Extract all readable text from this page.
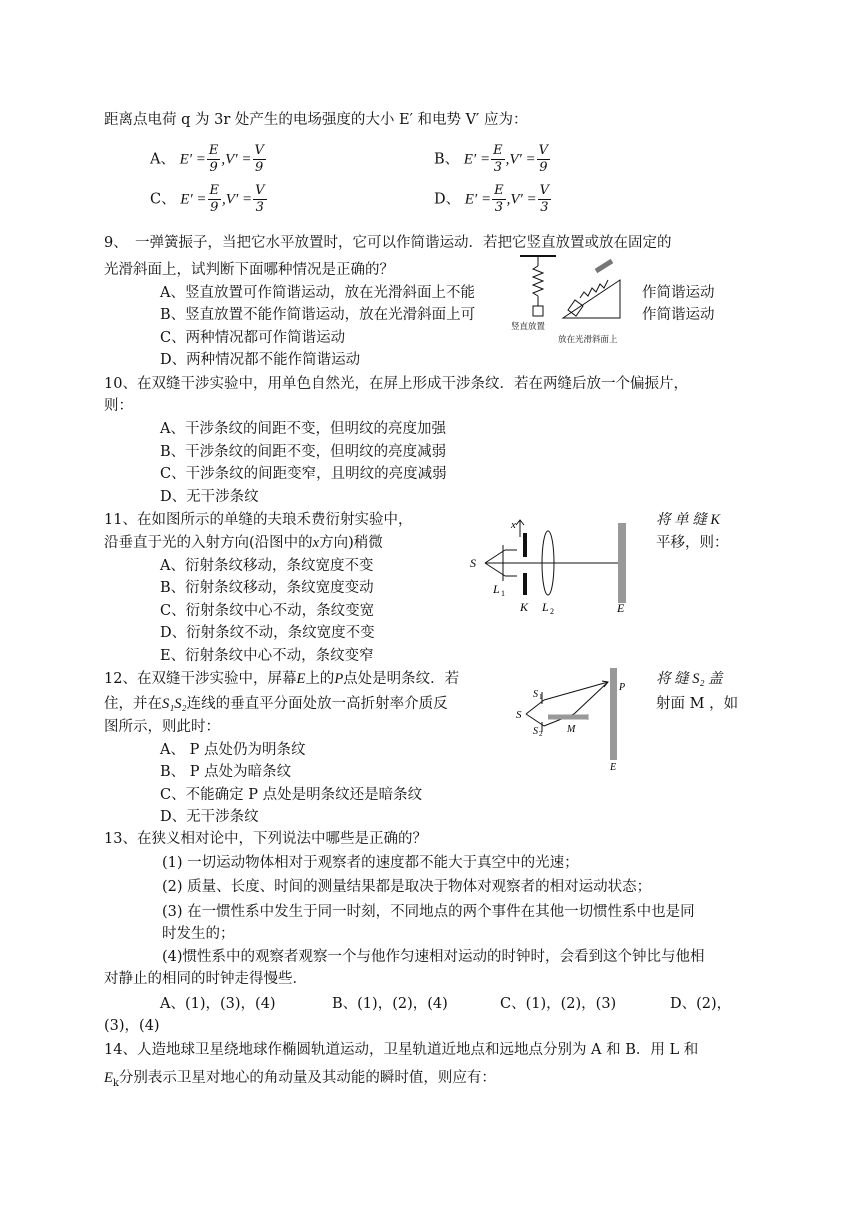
距离点电荷 q 为 3r 处产生的电场强度的大小 E′ 和电势 V′ 应为：
A、 $E' = \frac{E}{9} ,V' = \frac{V}{9}$	B、 $E' = \frac{E}{3} ,V' = \frac{V}{9}$
C、 $E' = \frac{E}{9} ,V' = \frac{V}{3}$	D、 $E' = \frac{E}{3} ,V' = \frac{V}{3}$
9、　一弹簧振子，当把它水平放置时，它可以作简谐运动．若把它竖直放置或放在固定的
光滑斜面上，试判断下面哪种情况是正确的？
A、竖直放置可作简谐运动，放在光滑斜面上不能	作简谐运动
B、竖直放置不能作简谐运动，放在光滑斜面上可	作简谐运动
C、两种情况都可作简谐运动
D、两种情况都不能作简谐运动
竖直放置
放在光滑斜面上
10、在双缝干涉实验中，用单色自然光，在屏上形成干涉条纹．若在两缝后放一个偏振片，
则：
A、干涉条纹的间距不变，但明纹的亮度加强
B、干涉条纹的间距不变，但明纹的亮度减弱
C、干涉条纹的间距变窄，且明纹的亮度减弱
D、无干涉条纹
11、在如图所示的单缝的夫琅禾费衍射实验中，	将 单 缝 K
沿垂直于光的入射方向(沿图中的x方向)稍微	平移，则：
A、衍射条纹移动，条纹宽度不变
B、衍射条纹移动，条纹宽度变动
C、衍射条纹中心不动，条纹变宽
D、衍射条纹不动，条纹宽度不变
E、衍射条纹中心不动，条纹变窄
x
S
L 1
K L 2	E
12、在双缝干涉实验中，屏幕E上的P点处是明条纹．若	将 缝 S₂ 盖
住，并在S₁S₂连线的垂直平分面处放一高折射率介质反	射面 M ，如
图所示，则此时：
A、 P 点处仍为明条纹
B、 P 点处为暗条纹
C、不能确定 P 点处是明条纹还是暗条纹
D、无干涉条纹
S 1
S
S 2 M
P
E
13、在狭义相对论中，下列说法中哪些是正确的？
(1) 一切运动物体相对于观察者的速度都不能大于真空中的光速；
(2) 质量、长度、时间的测量结果都是取决于物体对观察者的相对运动状态；
(3) 在一惯性系中发生于同一时刻，不同地点的两个事件在其他一切惯性系中也是同
时发生的；
(4)惯性系中的观察者观察一个与他作匀速相对运动的时钟时，会看到这个钟比与他相
对静止的相同的时钟走得慢些．
A、(1)，(3)，(4)	B、(1)，(2)，(4)	C、(1)，(2)，(3)	D、(2)，
(3)，(4)
14、人造地球卫星绕地球作椭圆轨道运动，卫星轨道近地点和远地点分别为 A 和 B．用 L 和
$E_k$分别表示卫星对地心的角动量及其动能的瞬时值，则应有：
